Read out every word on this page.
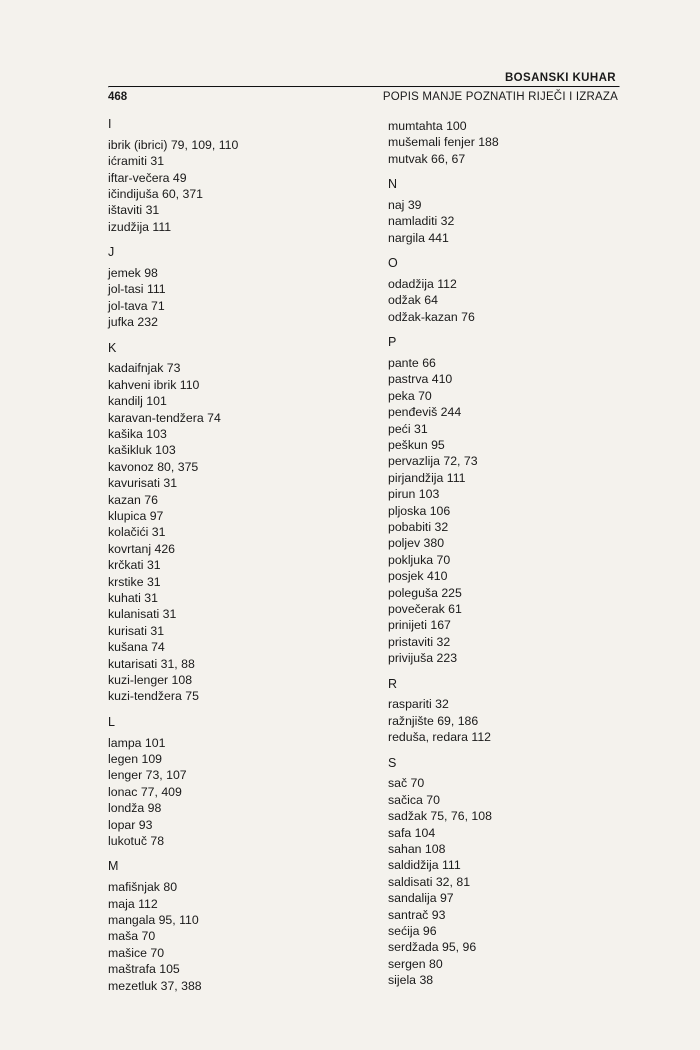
BOSANSKI KUHAR
468	POPIS MANJE POZNATIH RIJEČI I IZRAZA
I
ibrik (ibrici) 79, 109, 110
ićramiti 31
iftar-večera 49
ičindijuša 60, 371
ištaviti 31
izudžija 111
J
jemek 98
jol-tasi 111
jol-tava 71
jufka 232
K
kadaifnjak 73
kahveni ibrik 110
kandilj 101
karavan-tendžera 74
kašika 103
kašikluk 103
kavonoz 80, 375
kavurisati 31
kazan 76
klupica 97
kolačići 31
kovrtanj 426
krčkati 31
krstike 31
kuhati 31
kulanisati 31
kurisati 31
kušana 74
kutarisati 31, 88
kuzi-lenger 108
kuzi-tendžera 75
L
lampa 101
legen 109
lenger 73, 107
lonac 77, 409
londža 98
lopar 93
lukotuč 78
M
mafišnjak 80
maja 112
mangala 95, 110
maša 70
mašice 70
maštrafa 105
mezetluk 37, 388
mumtahta 100
mušemali fenjer 188
mutvak 66, 67
N
naj 39
namladiti 32
nargila 441
O
odadžija 112
odžak 64
odžak-kazan 76
P
pante 66
pastrva 410
peka 70
penđeviš 244
peći 31
peškun 95
pervazlija 72, 73
pirjandžija 111
pirun 103
pljoska 106
pobabiti 32
poljev 380
pokljuka 70
posjek 410
poleguša 225
povečerak 61
prinijeti 167
pristaviti 32
privijuša 223
R
raspariti 32
ražnjište 69, 186
reduša, redara 112
S
sač 70
sačica 70
sadžak 75, 76, 108
safa 104
sahan 108
saldidžija 111
saldisati 32, 81
sandalija 97
santrač 93
sećija 96
serdžada 95, 96
sergen 80
sijela 38
